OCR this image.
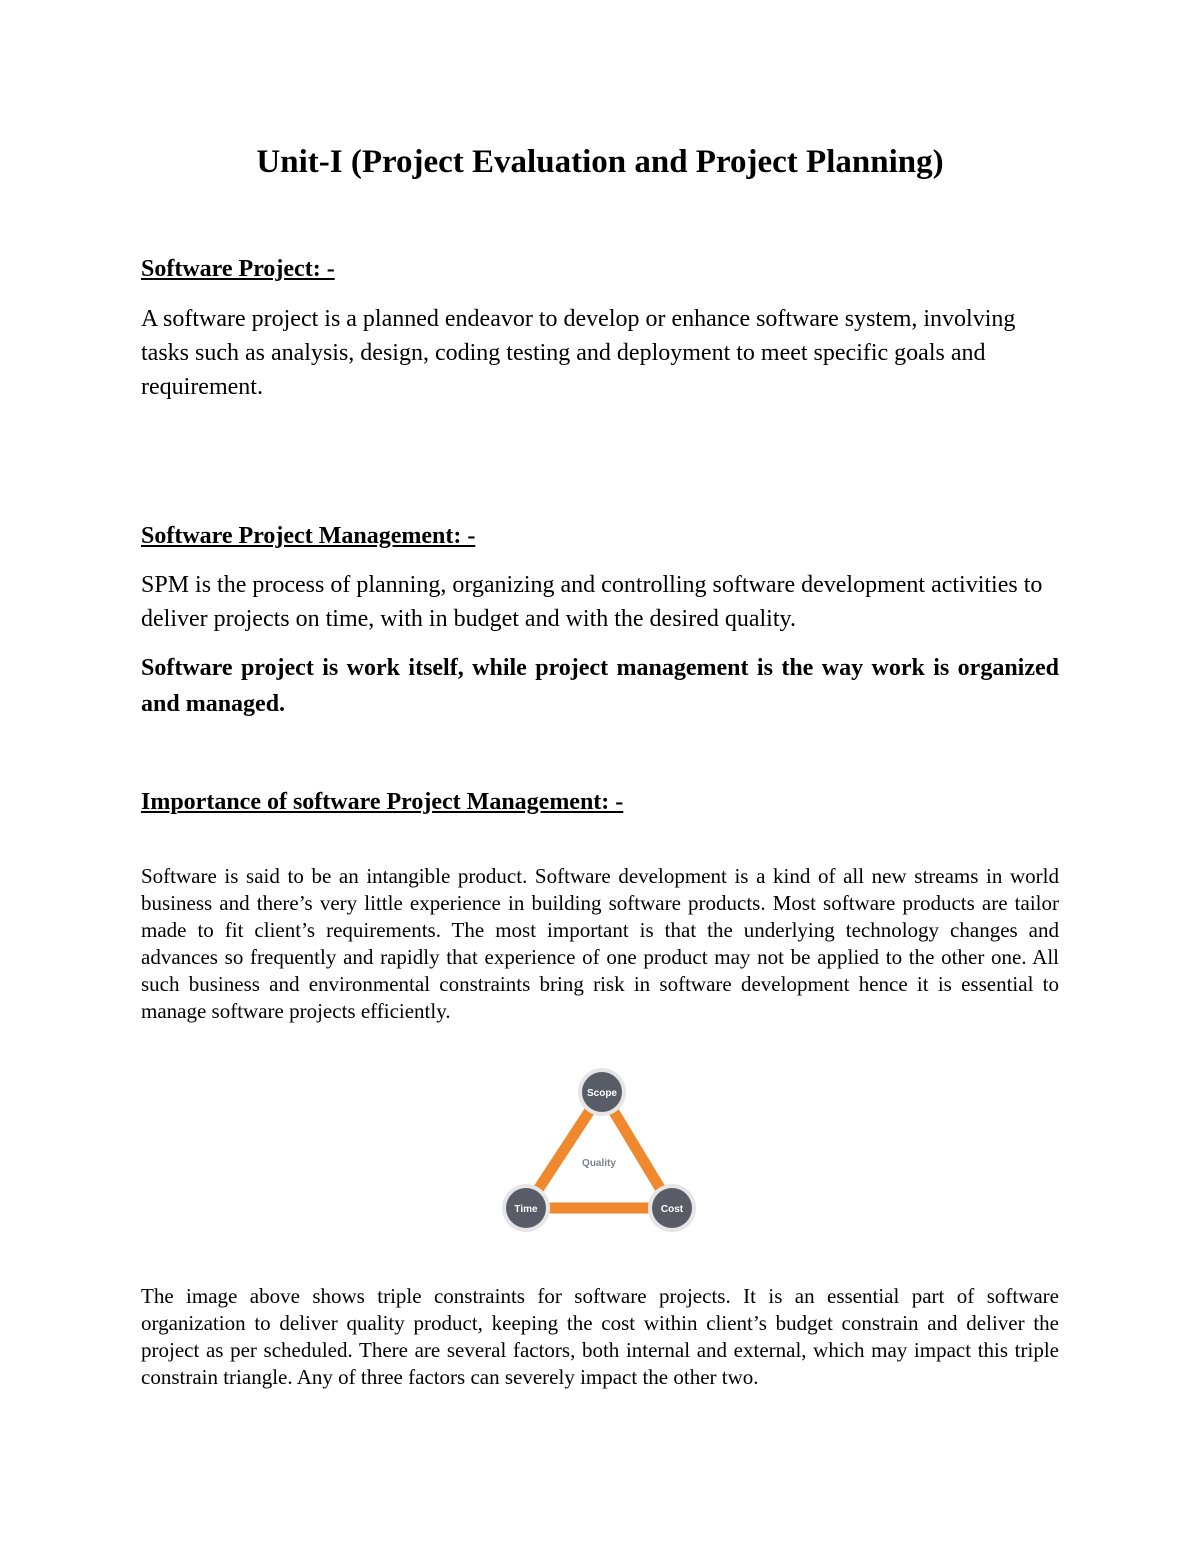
Unit-I (Project Evaluation and Project Planning)
Software Project: -

A software project is a planned endeavor to develop or enhance software system, involving tasks such as analysis, design, coding testing and deployment to meet specific goals and requirement.

Software Project Management: -

SPM is the process of planning, organizing and controlling software development activities to deliver projects on time, with in budget and with the desired quality.

Software project is work itself, while project management is the way work is organized and managed.

Importance of software Project Management: -

Software is said to be an intangible product. Software development is a kind of all new streams in world business and there’s very little experience in building software products. Most software products are tailor made to fit client’s requirements. The most important is that the underlying technology changes and advances so frequently and rapidly that experience of one product may not be applied to the other one. All such business and environmental constraints bring risk in software development hence it is essential to manage software projects efficiently.

Quality
Scope
Time	Cost

The image above shows triple constraints for software projects. It is an essential part of software organization to deliver quality product, keeping the cost within client’s budget constrain and deliver the project as per scheduled. There are several factors, both internal and external, which may impact this triple constrain triangle. Any of three factors can severely impact the other two.
